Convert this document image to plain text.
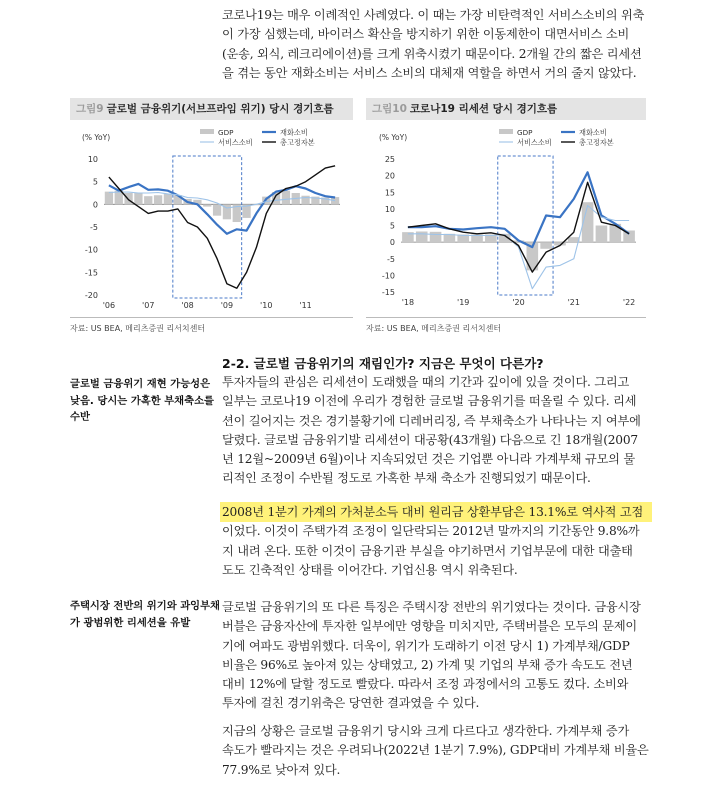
코로나19는 매우 이례적인 사례였다. 이 때는 가장 비탄력적인 서비스소비의 위축
이 가장 심했는데, 바이러스 확산을 방지하기 위한 이동제한이 대면서비스 소비
(운송, 외식, 레크리에이션)를 크게 위축시켰기 때문이다. 2개월 간의 짧은 리세션
을 겪는 동안 재화소비는 서비스 소비의 대체재 역할을 하면서 거의 줄지 않았다.
그림9 글로벌 금융위기(서브프라임 위기) 당시 경기흐름	그림10 코로나19 리세션 당시 경기흐름
(% YoY)
10
5
0
-5
-10
-15
-20
'06	'07	'08	'09	'10	'11
GDP	재화소비
서비스소비	총고정자본
(% YoY)
25
20
15
10
5
0
-5
-10
-15
'18	'19	'20	'21	'22
GDP	재화소비
서비스소비	총고정자본
자료: US BEA, 메리츠증권 리서치센터	자료: US BEA, 메리츠증권 리서치센터
2-2. 글로벌 금융위기의 재림인가? 지금은 무엇이 다른가?
글로벌 금융위기 재현 가능성은
낮음. 당시는 가혹한 부채축소를
수반
투자자들의 관심은 리세션이 도래했을 때의 기간과 깊이에 있을 것이다. 그리고
일부는 코로나19 이전에 우리가 경험한 글로벌 금융위기를 떠올릴 수 있다. 리세
션이 길어지는 것은 경기불황기에 디레버리징, 즉 부채축소가 나타나는 지 여부에
달렸다. 글로벌 금융위기발 리세션이 대공황(43개월) 다음으로 긴 18개월(2007
년 12월~2009년 6월)이나 지속되었던 것은 기업뿐 아니라 가계부채 규모의 물
리적인 조정이 수반될 정도로 가혹한 부채 축소가 진행되었기 때문이다.
2008년 1분기 가계의 가처분소득 대비 원리금 상환부담은 13.1%로 역사적 고점
이었다. 이것이 주택가격 조정이 일단락되는 2012년 말까지의 기간동안 9.8%까
지 내려 온다. 또한 이것이 금융기관 부실을 야기하면서 기업부문에 대한 대출태
도도 긴축적인 상태를 이어간다. 기업신용 역시 위축된다.
주택시장 전반의 위기와 과잉부채
가 광범위한 리세션을 유발
글로벌 금융위기의 또 다른 특징은 주택시장 전반의 위기였다는 것이다. 금융시장
버블은 금융자산에 투자한 일부에만 영향을 미치지만, 주택버블은 모두의 문제이
기에 여파도 광범위했다. 더욱이, 위기가 도래하기 이전 당시 1) 가계부채/GDP
비율은 96%로 높아져 있는 상태였고, 2) 가계 및 기업의 부채 증가 속도도 전년
대비 12%에 달할 정도로 빨랐다. 따라서 조정 과정에서의 고통도 컸다. 소비와
투자에 걸친 경기위축은 당연한 결과였을 수 있다.
지금의 상황은 글로벌 금융위기 당시와 크게 다르다고 생각한다. 가계부채 증가
속도가 빨라지는 것은 우려되나(2022년 1분기 7.9%), GDP대비 가계부채 비율은
77.9%로 낮아져 있다.
